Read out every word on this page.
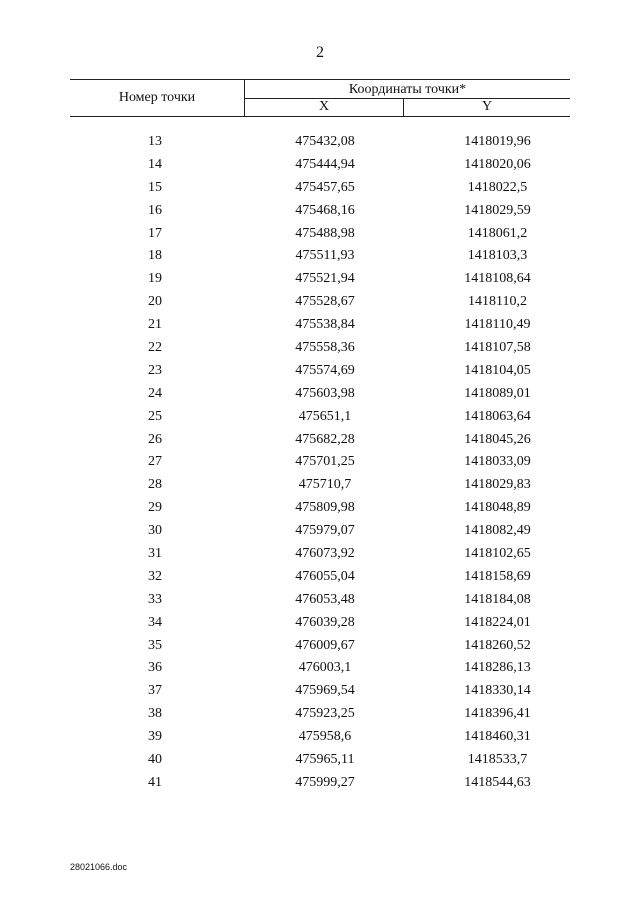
2
Номер точки
Координаты точки*
X	Y
13	475432,08	1418019,96
14	475444,94	1418020,06
15	475457,65	1418022,5
16	475468,16	1418029,59
17	475488,98	1418061,2
18	475511,93	1418103,3
19	475521,94	1418108,64
20	475528,67	1418110,2
21	475538,84	1418110,49
22	475558,36	1418107,58
23	475574,69	1418104,05
24	475603,98	1418089,01
25	475651,1	1418063,64
26	475682,28	1418045,26
27	475701,25	1418033,09
28	475710,7	1418029,83
29	475809,98	1418048,89
30	475979,07	1418082,49
31	476073,92	1418102,65
32	476055,04	1418158,69
33	476053,48	1418184,08
34	476039,28	1418224,01
35	476009,67	1418260,52
36	476003,1	1418286,13
37	475969,54	1418330,14
38	475923,25	1418396,41
39	475958,6	1418460,31
40	475965,11	1418533,7
41	475999,27	1418544,63
28021066.doc
